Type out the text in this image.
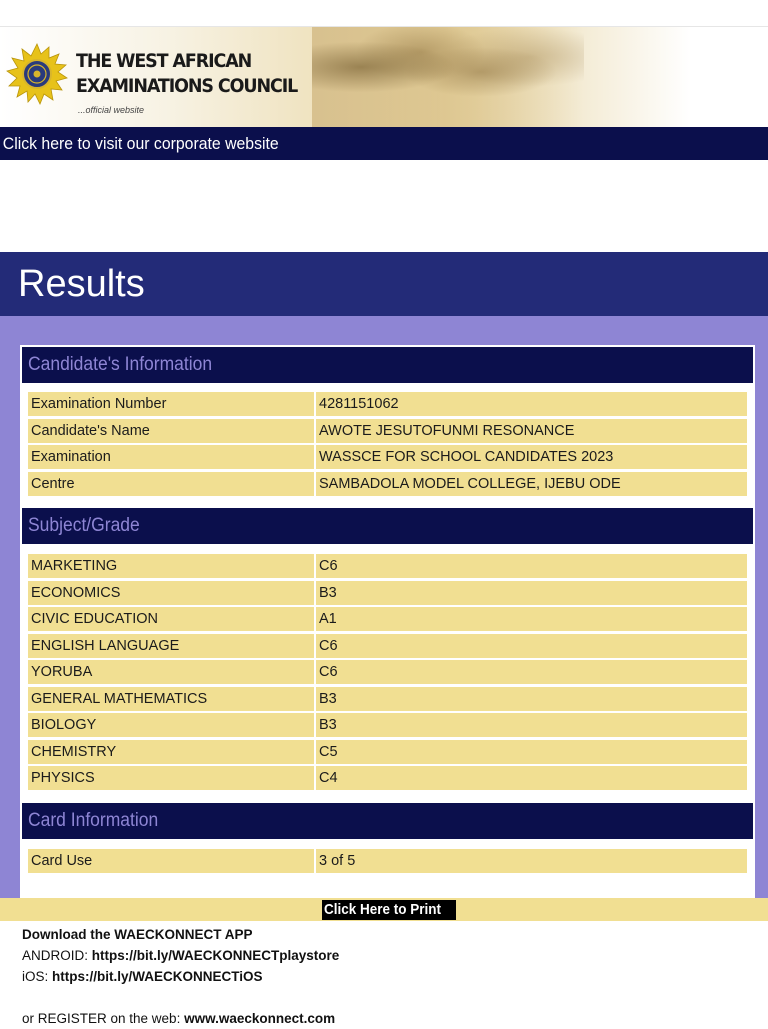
THE WEST AFRICAN
EXAMINATIONS COUNCIL
...official website
Click here to visit our corporate website
Results
Candidate's Information
Examination Number	4281151062
Candidate's Name	AWOTE JESUTOFUNMI RESONANCE
Examination	WASSCE FOR SCHOOL CANDIDATES 2023
Centre	SAMBADOLA MODEL COLLEGE, IJEBU ODE
Subject/Grade
MARKETING	C6
ECONOMICS	B3
CIVIC EDUCATION	A1
ENGLISH LANGUAGE	C6
YORUBA	C6
GENERAL MATHEMATICS	B3
BIOLOGY	B3
CHEMISTRY	C5
PHYSICS	C4
Card Information
Card Use	3 of 5
Click Here to Print
Download the WAECKONNECT APP
ANDROID: https://bit.ly/WAECKONNECTplaystore
iOS: https://bit.ly/WAECKONNECTiOS
or REGISTER on the web: www.waeckonnect.com
